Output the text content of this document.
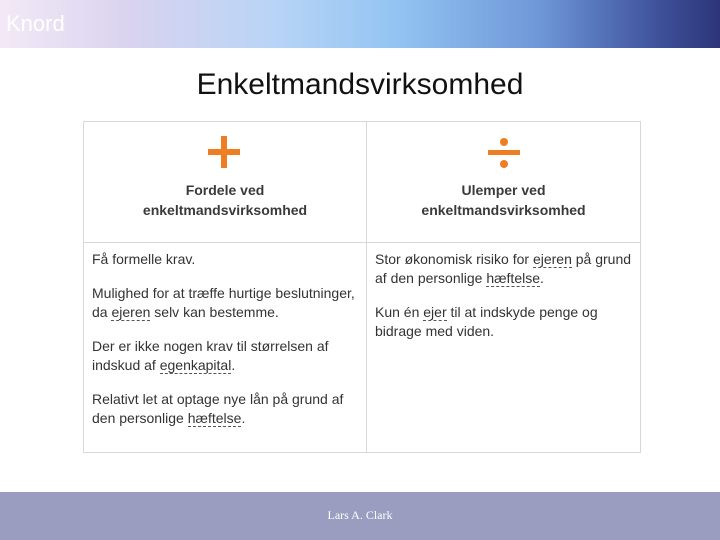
Knord
Enkeltmandsvirksomhed
Fordele ved
enkeltmandsvirksomhed
Ulemper ved
enkeltmandsvirksomhed

Få formelle krav.

Mulighed for at træffe hurtige beslutninger, da ejeren selv kan bestemme.

Der er ikke nogen krav til størrelsen af indskud af egenkapital.

Relativt let at optage nye lån på grund af den personlige hæftelse.

Stor økonomisk risiko for ejeren på grund af den personlige hæftelse.

Kun én ejer til at indskyde penge og bidrage med viden.

Lars A. Clark
